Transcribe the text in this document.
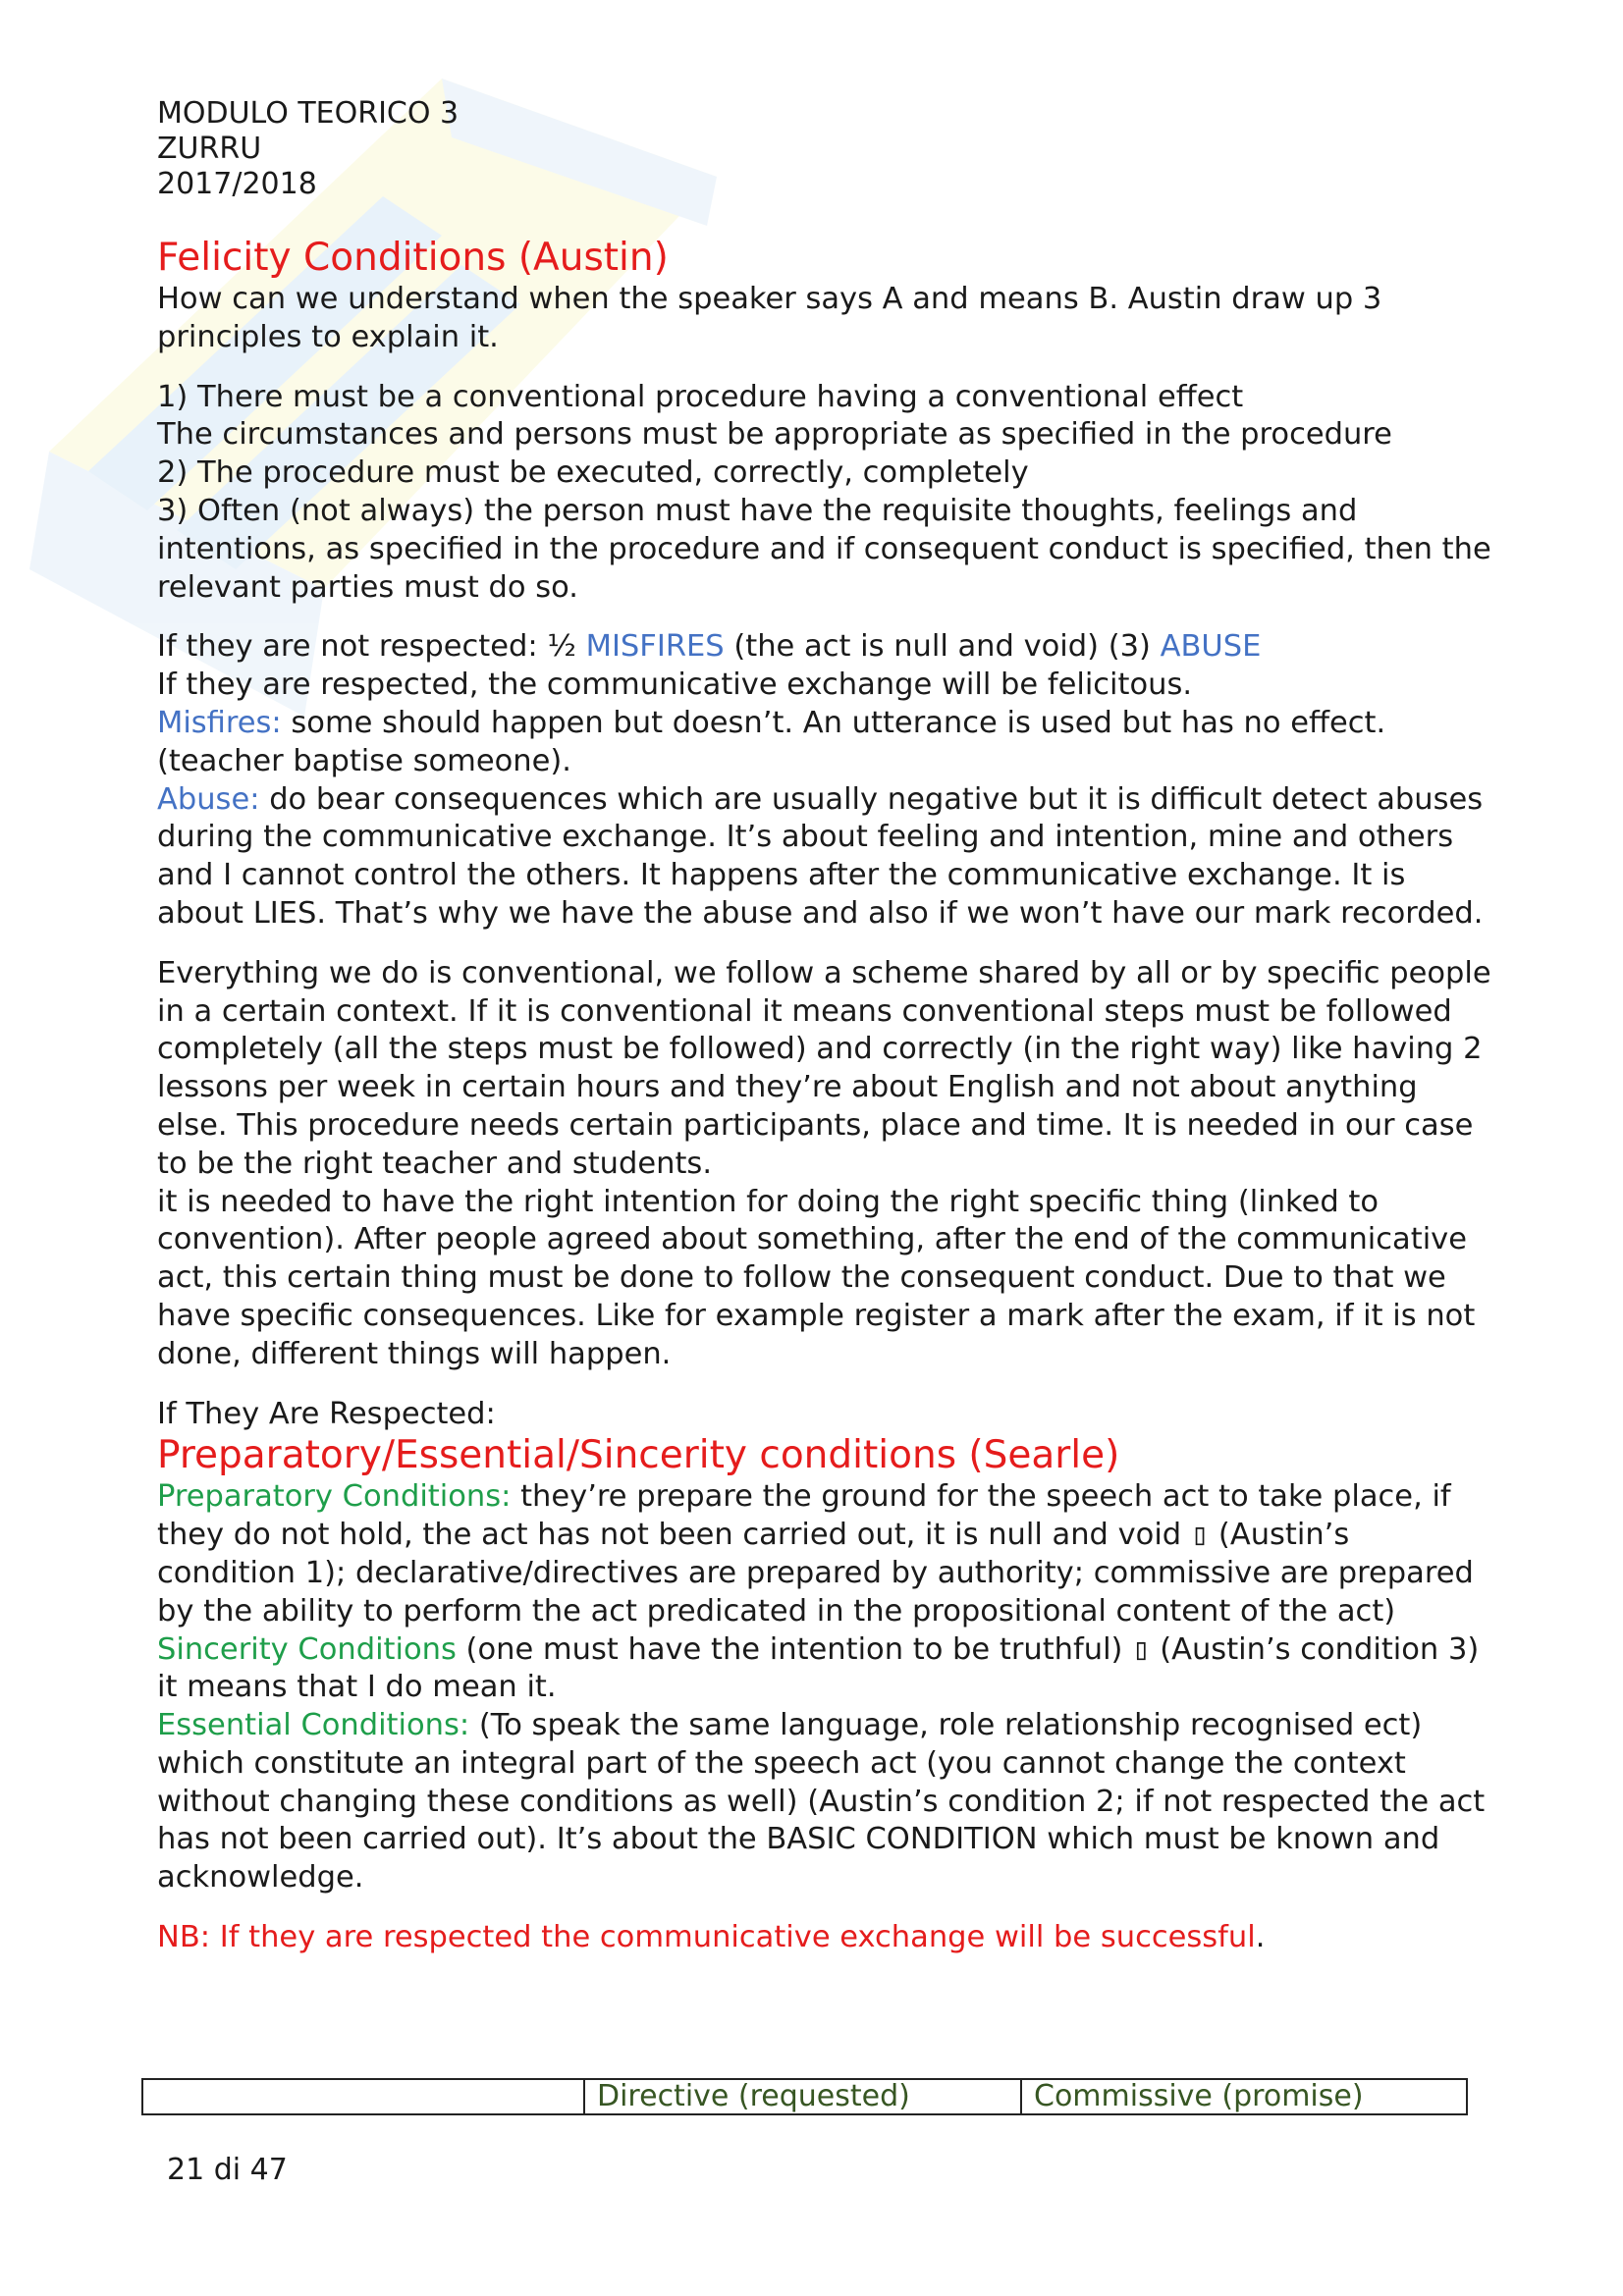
MODULO TEORICO 3
ZURRU
2017/2018

Felicity Conditions (Austin)

How can we understand when the speaker says A and means B. Austin draw up 3 principles to explain it.

1) There must be a conventional procedure having a conventional effect

The circumstances and persons must be appropriate as specified in the procedure

2) The procedure must be executed, correctly, completely

3) Often (not always) the person must have the requisite thoughts, feelings and intentions, as specified in the procedure and if consequent conduct is specified, then the relevant parties must do so.

If they are not respected: ½ MISFIRES (the act is null and void) (3) ABUSE

If they are respected, the communicative exchange will be felicitous.

Misfires: some should happen but doesn’t. An utterance is used but has no effect. (teacher baptise someone).

Abuse: do bear consequences which are usually negative but it is difficult detect abuses during the communicative exchange. It’s about feeling and intention, mine and others and I cannot control the others. It happens after the communicative exchange. It is about LIES. That’s why we have the abuse and also if we won’t have our mark recorded.

Everything we do is conventional, we follow a scheme shared by all or by specific people in a certain context. If it is conventional it means conventional steps must be followed completely (all the steps must be followed) and correctly (in the right way) like having 2 lessons per week in certain hours and they’re about English and not about anything else. This procedure needs certain participants, place and time. It is needed in our case to be the right teacher and students.

it is needed to have the right intention for doing the right specific thing (linked to convention). After people agreed about something, after the end of the communicative act, this certain thing must be done to follow the consequent conduct. Due to that we have specific consequences. Like for example register a mark after the exam, if it is not done, different things will happen.

If They Are Respected:

Preparatory/Essential/Sincerity conditions (Searle)

Preparatory Conditions: they’re prepare the ground for the speech act to take place, if they do not hold, the act has not been carried out, it is null and void ▯ (Austin’s condition 1); declarative/directives are prepared by authority; commissive are prepared by the ability to perform the act predicated in the propositional content of the act)

Sincerity Conditions (one must have the intention to be truthful) ▯ (Austin’s condition 3) it means that I do mean it.

Essential Conditions: (To speak the same language, role relationship recognised ect) which constitute an integral part of the speech act (you cannot change the context without changing these conditions as well) (Austin’s condition 2; if not respected the act has not been carried out). It’s about the BASIC CONDITION which must be known and acknowledge.

NB: If they are respected the communicative exchange will be successful.

Directive (requested)	Commissive (promise)
21 di 47
